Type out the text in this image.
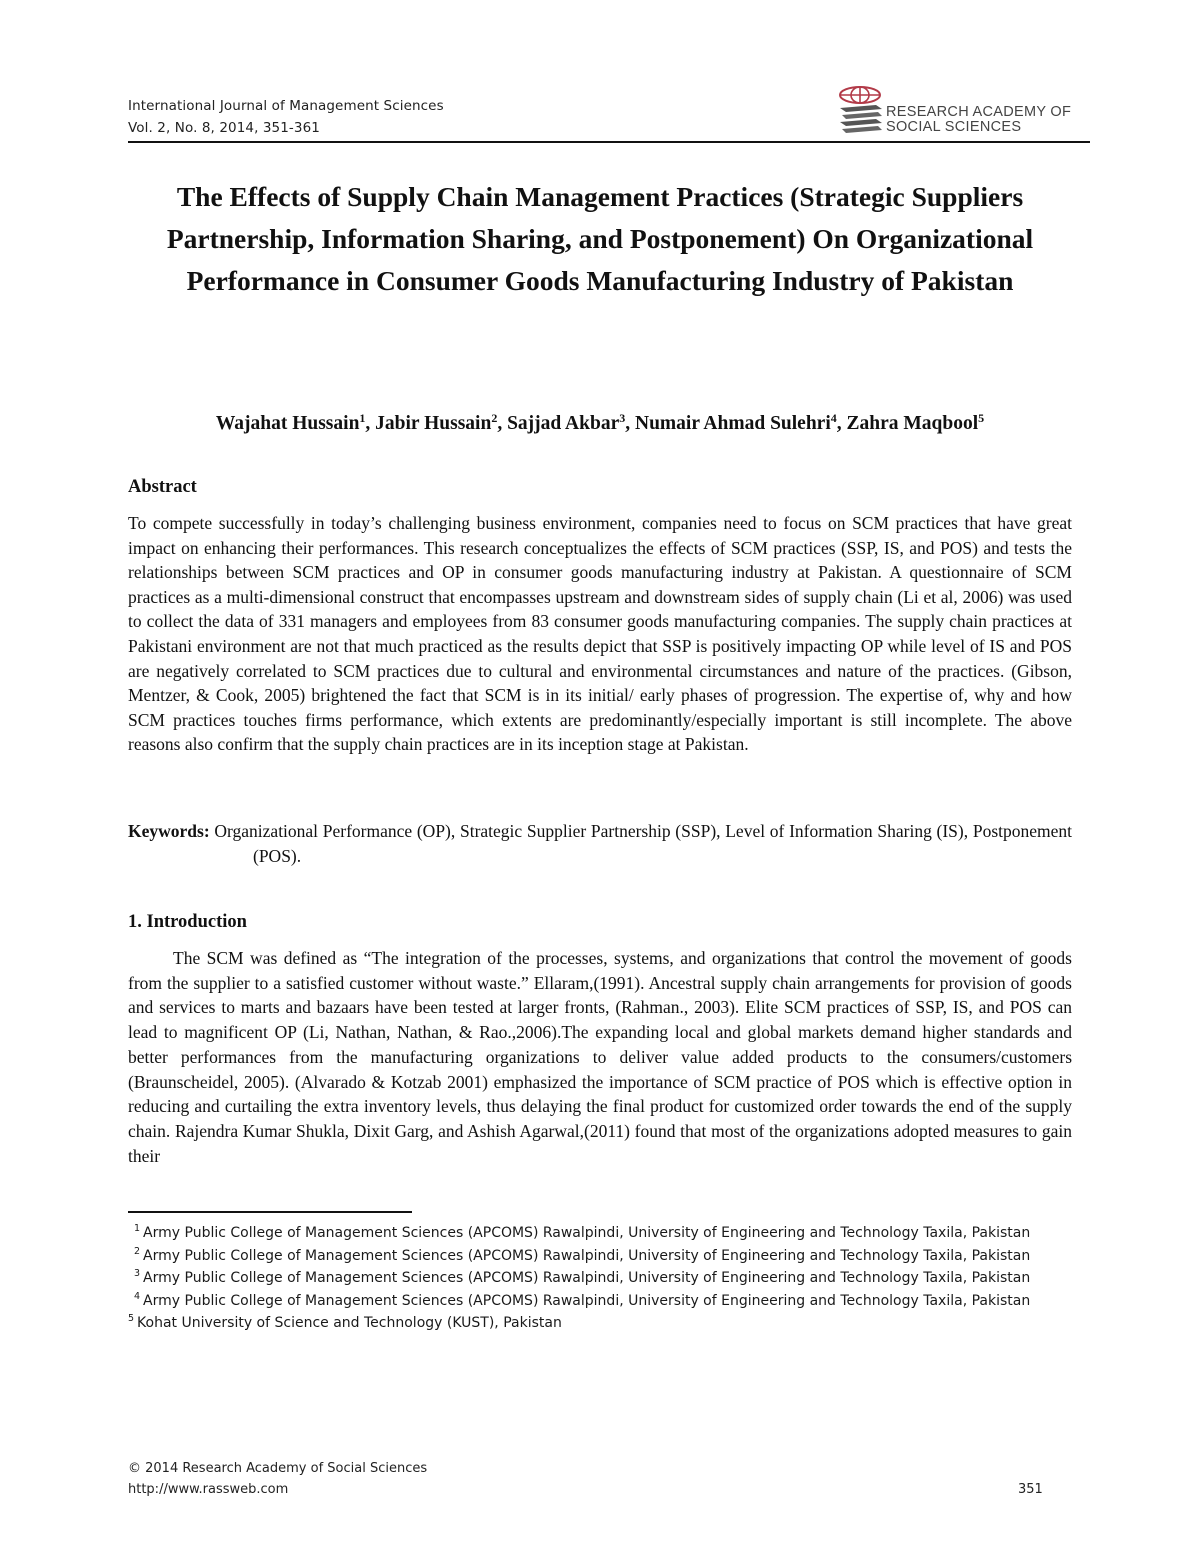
International Journal of Management Sciences
Vol. 2, No. 8, 2014, 351-361
RESEARCH ACADEMY OF
SOCIAL SCIENCES
The Effects of Supply Chain Management Practices (Strategic Suppliers Partnership, Information Sharing, and Postponement) On Organizational Performance in Consumer Goods Manufacturing Industry of Pakistan

Wajahat Hussain$^1$, Jabir Hussain$^2$, Sajjad Akbar$^3$, Numair Ahmad Sulehri$^4$, Zahra Maqbool$^5$

Abstract

To compete successfully in today’s challenging business environment, companies need to focus on SCM practices that have great impact on enhancing their performances. This research conceptualizes the effects of SCM practices (SSP, IS, and POS) and tests the relationships between SCM practices and OP in consumer goods manufacturing industry at Pakistan. A questionnaire of SCM practices as a multi-dimensional construct that encompasses upstream and downstream sides of supply chain (Li et al, 2006) was used to collect the data of 331 managers and employees from 83 consumer goods manufacturing companies. The supply chain practices at Pakistani environment are not that much practiced as the results depict that SSP is positively impacting OP while level of IS and POS are negatively correlated to SCM practices due to cultural and environmental circumstances and nature of the practices. (Gibson, Mentzer, & Cook, 2005) brightened the fact that SCM is in its initial/ early phases of progression. The expertise of, why and how SCM practices touches firms performance, which extents are predominantly/especially important is still incomplete. The above reasons also confirm that the supply chain practices are in its inception stage at Pakistan.

Keywords: Organizational Performance (OP), Strategic Supplier Partnership (SSP), Level of Information Sharing (IS), Postponement (POS).

1. Introduction

The SCM was defined as “The integration of the processes, systems, and organizations that control the movement of goods from the supplier to a satisfied customer without waste.” Ellaram,(1991). Ancestral supply chain arrangements for provision of goods and services to marts and bazaars have been tested at larger fronts, (Rahman., 2003). Elite SCM practices of SSP, IS, and POS can lead to magnificent OP (Li, Nathan, Nathan, & Rao.,2006).The expanding local and global markets demand higher standards and better performances from the manufacturing organizations to deliver value added products to the consumers/customers (Braunscheidel, 2005). (Alvarado & Kotzab 2001) emphasized the importance of SCM practice of POS which is effective option in reducing and curtailing the extra inventory levels, thus delaying the final product for customized order towards the end of the supply chain. Rajendra Kumar Shukla, Dixit Garg, and Ashish Agarwal,(2011) found that most of the organizations adopted measures to gain their

$^1$ Army Public College of Management Sciences (APCOMS) Rawalpindi, University of Engineering and Technology Taxila, Pakistan
$^2$ Army Public College of Management Sciences (APCOMS) Rawalpindi, University of Engineering and Technology Taxila, Pakistan
$^3$ Army Public College of Management Sciences (APCOMS) Rawalpindi, University of Engineering and Technology Taxila, Pakistan
$^4$ Army Public College of Management Sciences (APCOMS) Rawalpindi, University of Engineering and Technology Taxila, Pakistan
$^5$ Kohat University of Science and Technology (KUST), Pakistan
© 2014 Research Academy of Social Sciences
http://www.rassweb.com	351
